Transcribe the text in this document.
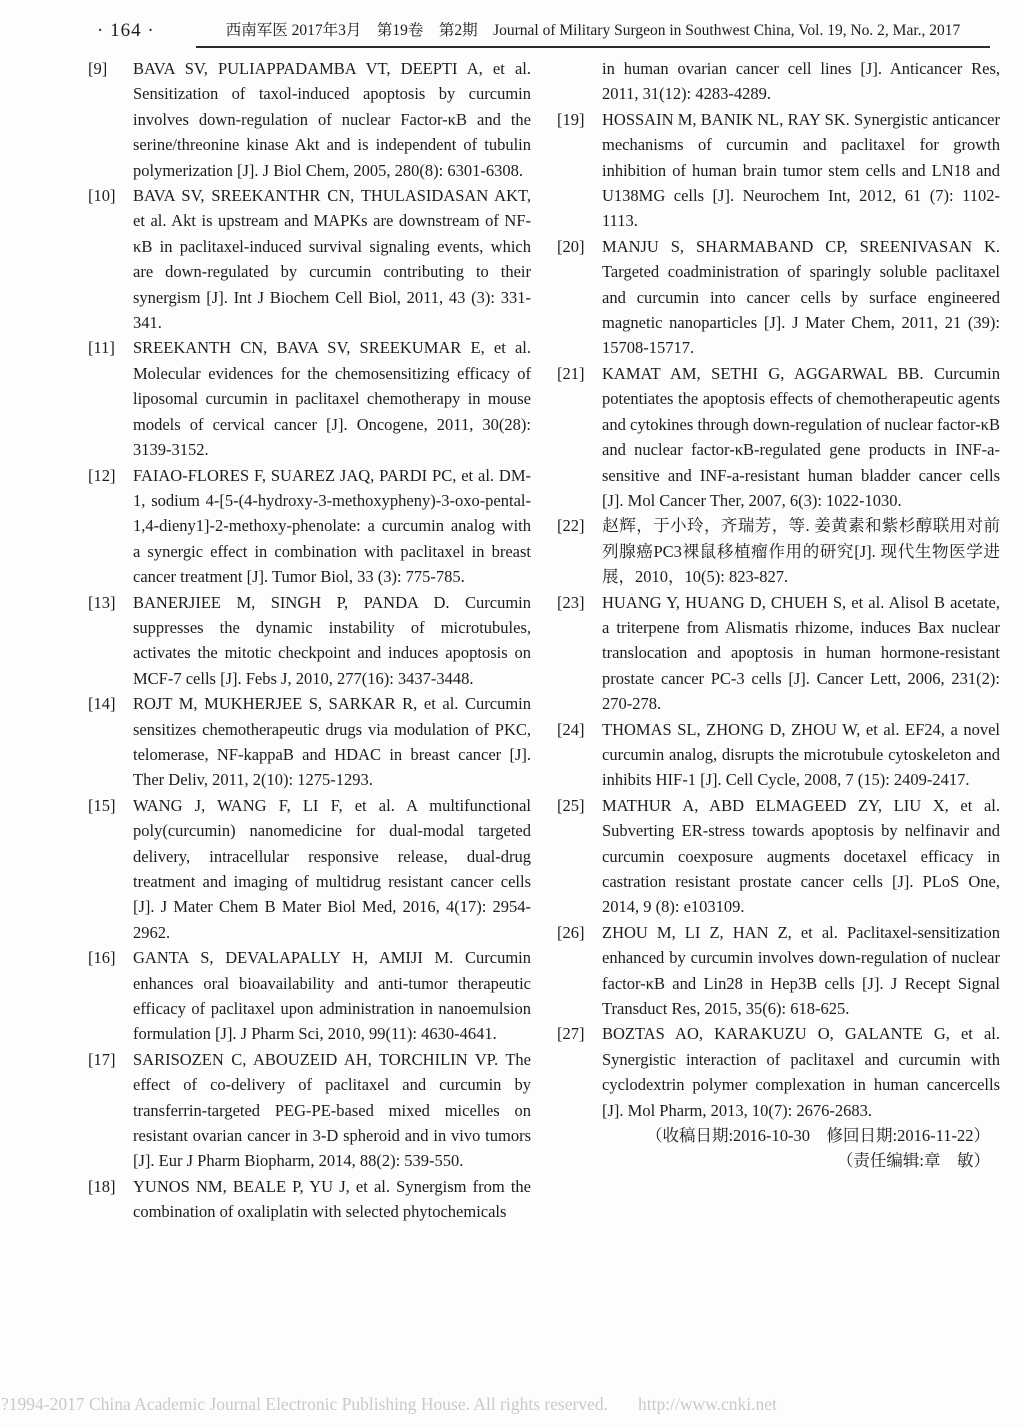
· 164 ·	西南军医 2017年3月　第19卷　第2期　Journal of Military Surgeon in Southwest China, Vol. 19, No. 2, Mar., 2017

[9] BAVA SV, PULIAPPADAMBA VT, DEEPTI A, et al. Sensitization of taxol-induced apoptosis by curcumin involves down-regulation of nuclear Factor-κB and the serine/threonine kinase Akt and is independent of tubulin polymerization [J]. J Biol Chem, 2005, 280(8): 6301-6308.

[10] BAVA SV, SREEKANTHR CN, THULASIDASAN AKT, et al. Akt is upstream and MAPKs are downstream of NF-κB in paclitaxel-induced survival signaling events, which are down-regulated by curcumin contributing to their synergism [J]. Int J Biochem Cell Biol, 2011, 43 (3): 331-341.

[11] SREEKANTH CN, BAVA SV, SREEKUMAR E, et al. Molecular evidences for the chemosensitizing efficacy of liposomal curcumin in paclitaxel chemotherapy in mouse models of cervical cancer [J]. Oncogene, 2011, 30(28): 3139-3152.

[12] FAIAO-FLORES F, SUAREZ JAQ, PARDI PC, et al. DM-1, sodium 4-[5-(4-hydroxy-3-methoxypheny)-3-oxo-pental-1,4-dieny1]-2-methoxy-phenolate: a curcumin analog with a synergic effect in combination with paclitaxel in breast cancer treatment [J]. Tumor Biol, 33 (3): 775-785.

[13] BANERJIEE M, SINGH P, PANDA D. Curcumin suppresses the dynamic instability of microtubules, activates the mitotic checkpoint and induces apoptosis on MCF-7 cells [J]. Febs J, 2010, 277(16): 3437-3448.

[14] ROJT M, MUKHERJEE S, SARKAR R, et al. Curcumin sensitizes chemotherapeutic drugs via modulation of PKC, telomerase, NF-kappaB and HDAC in breast cancer [J]. Ther Deliv, 2011, 2(10): 1275-1293.

[15] WANG J, WANG F, LI F, et al. A multifunctional poly(curcumin) nanomedicine for dual-modal targeted delivery, intracellular responsive release, dual-drug treatment and imaging of multidrug resistant cancer cells [J]. J Mater Chem B Mater Biol Med, 2016, 4(17): 2954-2962.

[16] GANTA S, DEVALAPALLY H, AMIJI M. Curcumin enhances oral bioavailability and anti-tumor therapeutic efficacy of paclitaxel upon administration in nanoemulsion formulation [J]. J Pharm Sci, 2010, 99(11): 4630-4641.

[17] SARISOZEN C, ABOUZEID AH, TORCHILIN VP. The effect of co-delivery of paclitaxel and curcumin by transferrin-targeted PEG-PE-based mixed micelles on resistant ovarian cancer in 3-D spheroid and in vivo tumors [J]. Eur J Pharm Biopharm, 2014, 88(2): 539-550.

[18] YUNOS NM, BEALE P, YU J, et al. Synergism from the combination of oxaliplatin with selected phytochemicals

in human ovarian cancer cell lines [J]. Anticancer Res, 2011, 31(12): 4283-4289.

[19] HOSSAIN M, BANIK NL, RAY SK. Synergistic anticancer mechanisms of curcumin and paclitaxel for growth inhibition of human brain tumor stem cells and LN18 and U138MG cells [J]. Neurochem Int, 2012, 61 (7): 1102-1113.

[20] MANJU S, SHARMABAND CP, SREENIVASAN K. Targeted coadministration of sparingly soluble paclitaxel and curcumin into cancer cells by surface engineered magnetic nanoparticles [J]. J Mater Chem, 2011, 21 (39): 15708-15717.

[21] KAMAT AM, SETHI G, AGGARWAL BB. Curcumin potentiates the apoptosis effects of chemotherapeutic agents and cytokines through down-regulation of nuclear factor-κB and nuclear factor-κB-regulated gene products in INF-a-sensitive and INF-a-resistant human bladder cancer cells [J]. Mol Cancer Ther, 2007, 6(3): 1022-1030.

[22] 赵辉，于小玲，齐瑞芳，等. 姜黄素和紫杉醇联用对前列腺癌PC3裸鼠移植瘤作用的研究[J]. 现代生物医学进展，2010，10(5): 823-827.

[23] HUANG Y, HUANG D, CHUEH S, et al. Alisol B acetate, a triterpene from Alismatis rhizome, induces Bax nuclear translocation and apoptosis in human hormone-resistant prostate cancer PC-3 cells [J]. Cancer Lett, 2006, 231(2): 270-278.

[24] THOMAS SL, ZHONG D, ZHOU W, et al. EF24, a novel curcumin analog, disrupts the microtubule cytoskeleton and inhibits HIF-1 [J]. Cell Cycle, 2008, 7 (15): 2409-2417.

[25] MATHUR A, ABD ELMAGEED ZY, LIU X, et al. Subverting ER-stress towards apoptosis by nelfinavir and curcumin coexposure augments docetaxel efficacy in castration resistant prostate cancer cells [J]. PLoS One, 2014, 9 (8): e103109.

[26] ZHOU M, LI Z, HAN Z, et al. Paclitaxel-sensitization enhanced by curcumin involves down-regulation of nuclear factor-κB and Lin28 in Hep3B cells [J]. J Recept Signal Transduct Res, 2015, 35(6): 618-625.

[27] BOZTAS AO, KARAKUZU O, GALANTE G, et al. Synergistic interaction of paclitaxel and curcumin with cyclodextrin polymer complexation in human cancercells [J]. Mol Pharm, 2013, 10(7): 2676-2683.

（收稿日期:2016-10-30　修回日期:2016-11-22）

（责任编辑:章　敏）

?1994-2017 China Academic Journal Electronic Publishing House. All rights reserved. http://www.cnki.net
